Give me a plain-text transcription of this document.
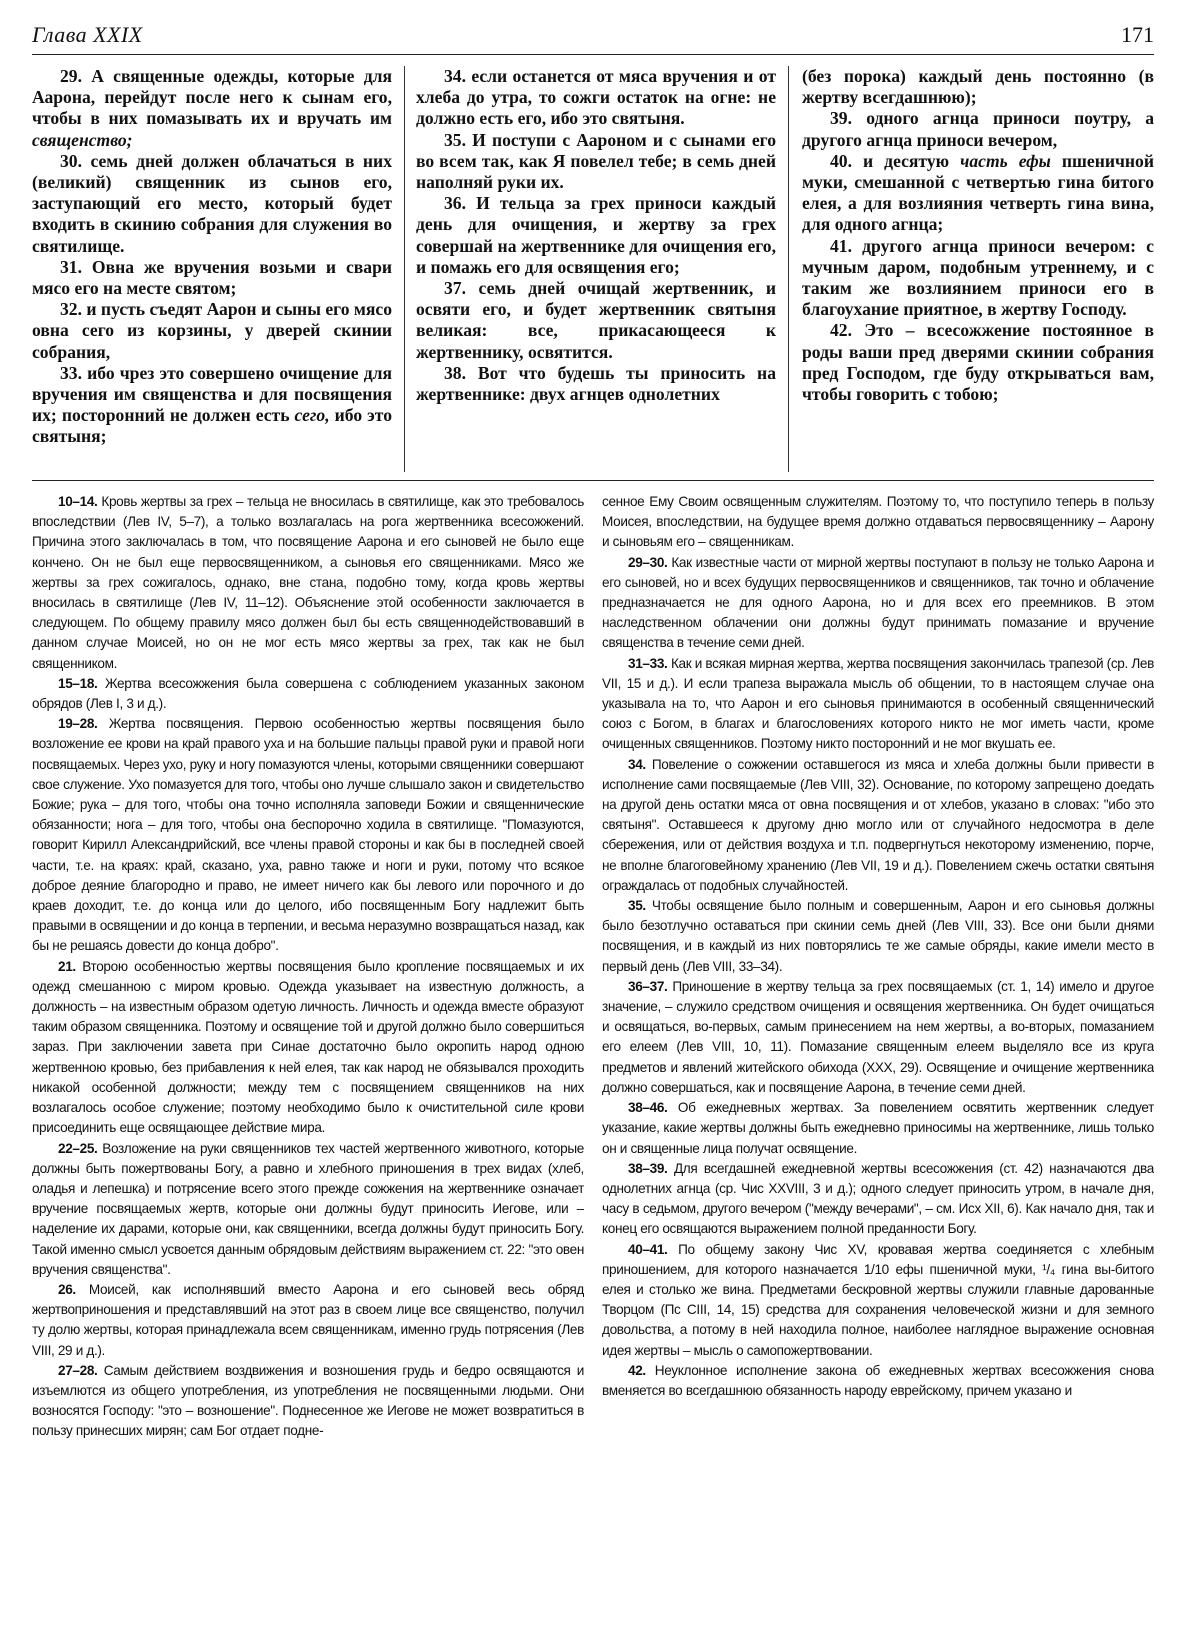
Глава XXIX	171

29. А священные одежды, которые для Аарона, перейдут после него к сынам его, чтобы в них помазывать их и вручать им священство;

30. семь дней должен облачаться в них (великий) священник из сынов его, заступающий его место, который будет входить в скинию собрания для служения во святилище.

31. Овна же вручения возьми и свари мясо его на месте святом;

32. и пусть съедят Аарон и сыны его мясо овна сего из корзины, у дверей скинии собрания,

33. ибо чрез это совершено очищение для вручения им священства и для посвящения их; посторонний не должен есть сего, ибо это святыня;

34. если останется от мяса вручения и от хлеба до утра, то сожги остаток на огне: не должно есть его, ибо это святыня.

35. И поступи с Аароном и с сынами его во всем так, как Я повелел тебе; в семь дней наполняй руки их.

36. И тельца за грех приноси каждый день для очищения, и жертву за грех совершай на жертвеннике для очищения его, и помажь его для освящения его;

37. семь дней очищай жертвенник, и освяти его, и будет жертвенник святыня великая: все, прикасающееся к жертвеннику, освятится.

38. Вот что будешь ты приносить на жертвеннике: двух агнцев однолетних

(без порока) каждый день постоянно (в жертву всегдашнюю);

39. одного агнца приноси поутру, а другого агнца приноси вечером,

40. и десятую часть ефы пшеничной муки, смешанной с четвертью гина битого елея, а для возлияния четверть гина вина, для одного агнца;

41. другого агнца приноси вечером: с мучным даром, подобным утреннему, и с таким же возлиянием приноси его в благоухание приятное, в жертву Господу.

42. Это – всесожжение постоянное в роды ваши пред дверями скинии собрания пред Господом, где буду открываться вам, чтобы говорить с тобою;

10–14. Кровь жертвы за грех – тельца не вносилась в святилище, как это требовалось впоследствии (Лев IV, 5–7), а только возлагалась на рога жертвенника всесожжений. Причина этого заключалась в том, что посвящение Аарона и его сыновей не было еще кончено. Он не был еще первосвященником, а сыновья его священниками. Мясо же жертвы за грех сожигалось, однако, вне стана, подобно тому, когда кровь жертвы вносилась в святилище (Лев IV, 11–12). Объяснение этой особенности заключается в следующем. По общему правилу мясо должен был бы есть священнодействовавший в данном случае Моисей, но он не мог есть мясо жертвы за грех, так как не был священником.

15–18. Жертва всесожжения была совершена с соблюдением указанных законом обрядов (Лев I, 3 и д.).

19–28. Жертва посвящения. Первою особенностью жертвы посвящения было возложение ее крови на край правого уха и на большие пальцы правой руки и правой ноги посвящаемых. Через ухо, руку и ногу помазуются члены, которыми священники совершают свое служение. Ухо помазуется для того, чтобы оно лучше слышало закон и свидетельство Божие; рука – для того, чтобы она точно исполняла заповеди Божии и священнические обязанности; нога – для того, чтобы она беспорочно ходила в святилище. "Помазуются, говорит Кирилл Александрийский, все члены правой стороны и как бы в последней своей части, т.е. на краях: край, сказано, уха, равно также и ноги и руки, потому что всякое доброе деяние благородно и право, не имеет ничего как бы левого или порочного и до краев доходит, т.е. до конца или до целого, ибо посвященным Богу надлежит быть правыми в освящении и до конца в терпении, и весьма неразумно возвращаться назад, как бы не решаясь довести до конца добро".

21. Второю особенностью жертвы посвящения было кропление посвящаемых и их одежд смешанною с миром кровью. Одежда указывает на известную должность, а должность – на известным образом одетую личность. Личность и одежда вместе образуют таким образом священника. Поэтому и освящение той и другой должно было совершиться зараз. При заключении завета при Синае достаточно было окропить народ одною жертвенною кровью, без прибавления к ней елея, так как народ не обязывался проходить никакой особенной должности; между тем с посвящением священников на них возлагалось особое служение; поэтому необходимо было к очистительной силе крови присоединить еще освящающее действие мира.

22–25. Возложение на руки священников тех частей жертвенного животного, которые должны быть пожертвованы Богу, а равно и хлебного приношения в трех видах (хлеб, оладья и лепешка) и потрясение всего этого прежде сожжения на жертвеннике означает вручение посвящаемых жертв, которые они должны будут приносить Иегове, или – наделение их дарами, которые они, как священники, всегда должны будут приносить Богу. Такой именно смысл усвоется данным обрядовым действиям выражением ст. 22: "это овен вручения священства".

26. Моисей, как исполнявший вместо Аарона и его сыновей весь обряд жертвоприношения и представлявший на этот раз в своем лице все священство, получил ту долю жертвы, которая принадлежала всем священникам, именно грудь потрясения (Лев VIII, 29 и д.).

27–28. Самым действием воздвижения и возношения грудь и бедро освящаются и изъемлются из общего употребления, из употребления не посвященными людьми. Они возносятся Господу: "это – возношение". Поднесенное же Иегове не может возвратиться в пользу принесших мирян; сам Бог отдает подне-

сенное Ему Своим освященным служителям. Поэтому то, что поступило теперь в пользу Моисея, впоследствии, на будущее время должно отдаваться первосвященнику – Аарону и сыновьям его – священникам.

29–30. Как известные части от мирной жертвы поступают в пользу не только Аарона и его сыновей, но и всех будущих первосвященников и священников, так точно и облачение предназначается не для одного Аарона, но и для всех его преемников. В этом наследственном облачении они должны будут принимать помазание и вручение священства в течение семи дней.

31–33. Как и всякая мирная жертва, жертва посвящения закончилась трапезой (ср. Лев VII, 15 и д.). И если трапеза выражала мысль об общении, то в настоящем случае она указывала на то, что Аарон и его сыновья принимаются в особенный священнический союз с Богом, в благах и благословениях которого никто не мог иметь части, кроме очищенных священников. Поэтому никто посторонний и не мог вкушать ее.

34. Повеление о сожжении оставшегося из мяса и хлеба должны были привести в исполнение сами посвящаемые (Лев VIII, 32). Основание, по которому запрещено доедать на другой день остатки мяса от овна посвящения и от хлебов, указано в словах: "ибо это святыня". Оставшееся к другому дню могло или от случайного недосмотра в деле сбережения, или от действия воздуха и т.п. подвергнуться некоторому изменению, порче, не вполне благоговейному хранению (Лев VII, 19 и д.). Повелением сжечь остатки святыня ограждалась от подобных случайностей.

35. Чтобы освящение было полным и совершенным, Аарон и его сыновья должны было безотлучно оставаться при скинии семь дней (Лев VIII, 33). Все они были днями посвящения, и в каждый из них повторялись те же самые обряды, какие имели место в первый день (Лев VIII, 33–34).

36–37. Приношение в жертву тельца за грех посвящаемых (ст. 1, 14) имело и другое значение, – служило средством очищения и освящения жертвенника. Он будет очищаться и освящаться, во-первых, самым принесением на нем жертвы, а во-вторых, помазанием его елеем (Лев VIII, 10, 11). Помазание священным елеем выделяло все из круга предметов и явлений житейского обихода (XXX, 29). Освящение и очищение жертвенника должно совершаться, как и посвящение Аарона, в течение семи дней.

38–46. Об ежедневных жертвах. За повелением освятить жертвенник следует указание, какие жертвы должны быть ежедневно приносимы на жертвеннике, лишь только он и священные лица получат освящение.

38–39. Для всегдашней ежедневной жертвы всесожжения (ст. 42) назначаются два однолетних агнца (ср. Чис XXVIII, 3 и д.); одного следует приносить утром, в начале дня, часу в седьмом, другого вечером ("между вечерами", – см. Исх XII, 6). Как начало дня, так и конец его освящаются выражением полной преданности Богу.

40–41. По общему закону Чис XV, кровавая жертва соединяется с хлебным приношением, для которого назначается 1/10 ефы пшеничной муки, ¹/₄ гина вы-битого елея и столько же вина. Предметами бескровной жертвы служили главные дарованные Творцом (Пс CIII, 14, 15) средства для сохранения человеческой жизни и для земного довольства, а потому в ней находила полное, наиболее наглядное выражение основная идея жертвы – мысль о самопожертвовании.

42. Неуклонное исполнение закона об ежедневных жертвах всесожжения снова вменяется во всегдашнюю обязанность народу еврейскому, причем указано и
